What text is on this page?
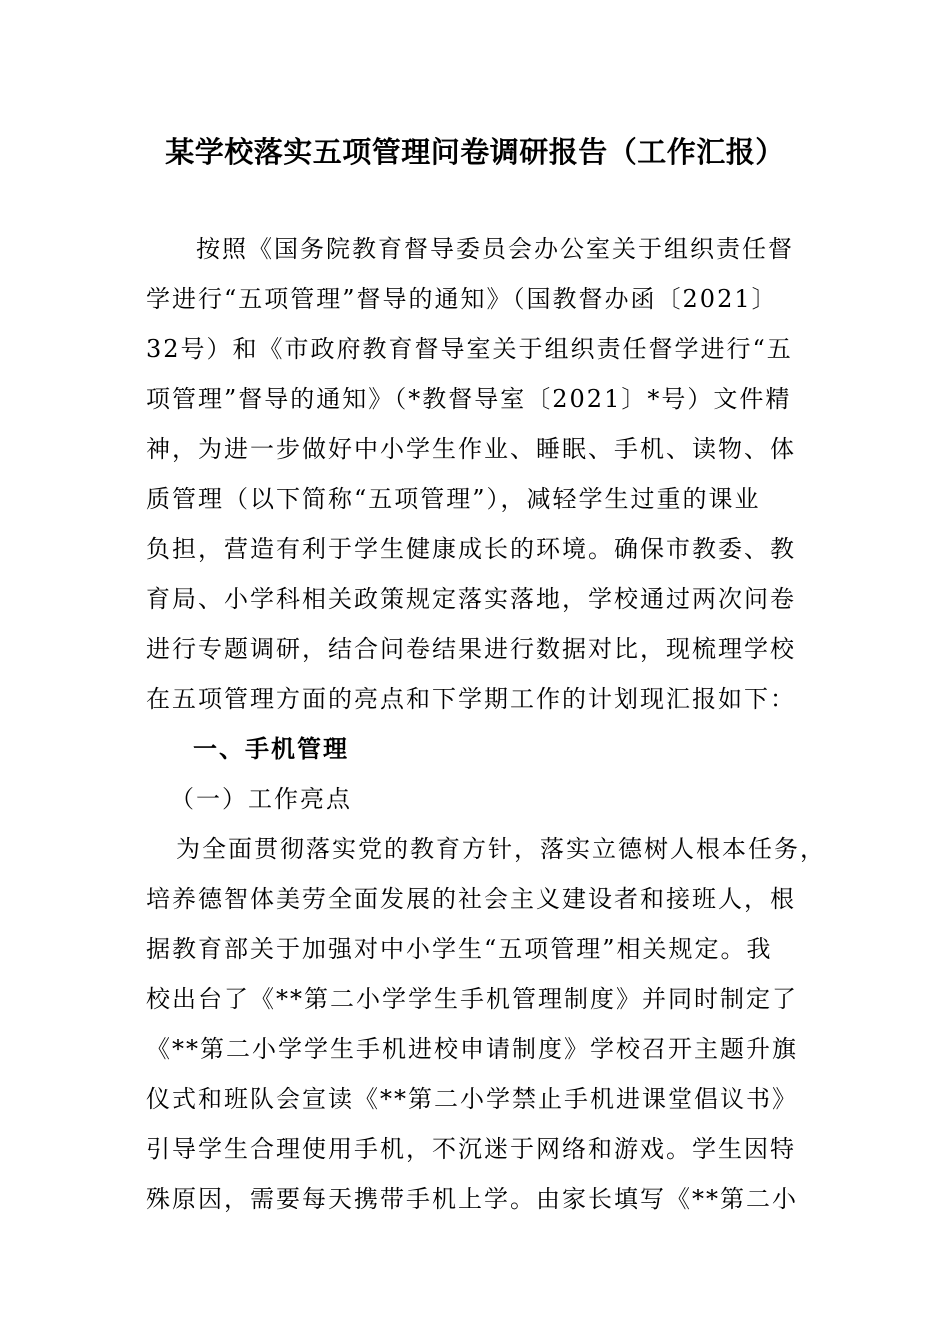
某学校落实五项管理问卷调研报告（工作汇报）
按照《国务院教育督导委员会办公室关于组织责任督
学进行“五项管理”督导的通知》（国教督办函〔2021〕
32号）和《市政府教育督导室关于组织责任督学进行“五
项管理”督导的通知》（*教督导室〔2021〕*号）文件精
神，为进一步做好中小学生作业、睡眠、手机、读物、体
质管理（以下简称“五项管理”），减轻学生过重的课业
负担，营造有利于学生健康成长的环境。确保市教委、教
育局、小学科相关政策规定落实落地，学校通过两次问卷
进行专题调研，结合问卷结果进行数据对比，现梳理学校
在五项管理方面的亮点和下学期工作的计划现汇报如下：
一、手机管理
（一）工作亮点
为全面贯彻落实党的教育方针，落实立德树人根本任务，
培养德智体美劳全面发展的社会主义建设者和接班人，根
据教育部关于加强对中小学生“五项管理”相关规定。我
校出台了《**第二小学学生手机管理制度》并同时制定了
《**第二小学学生手机进校申请制度》学校召开主题升旗
仪式和班队会宣读《**第二小学禁止手机进课堂倡议书》
引导学生合理使用手机，不沉迷于网络和游戏。学生因特
殊原因，需要每天携带手机上学。由家长填写《**第二小
